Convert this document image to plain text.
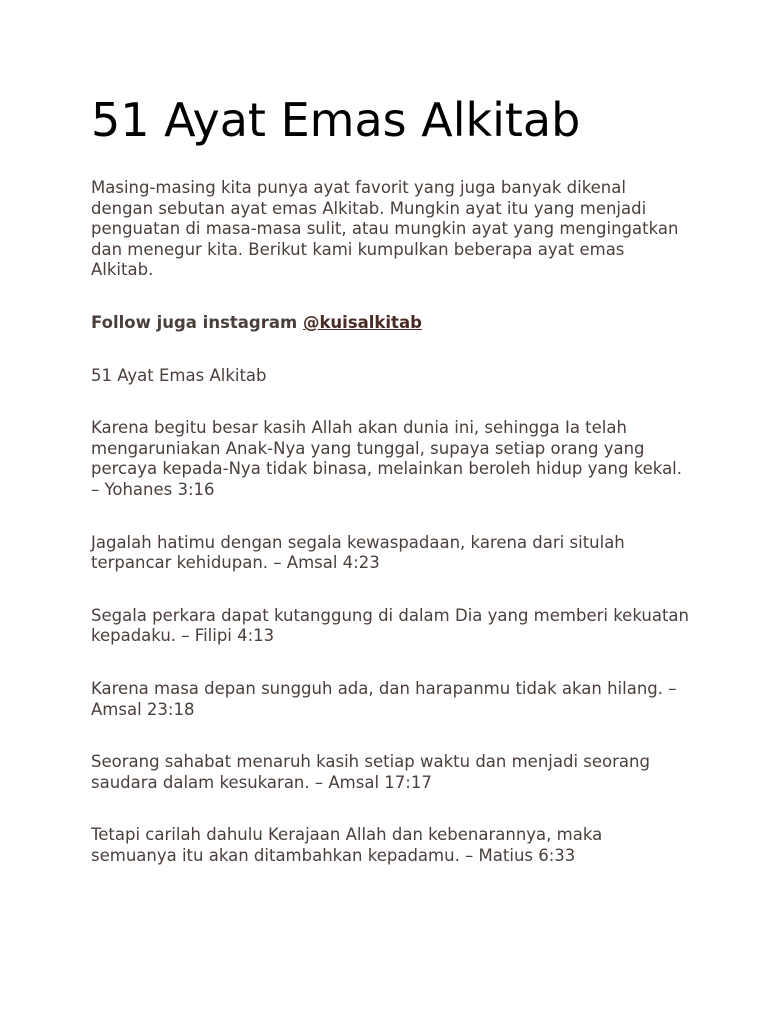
51 Ayat Emas Alkitab

Masing-masing kita punya ayat favorit yang juga banyak dikenal dengan sebutan ayat emas Alkitab. Mungkin ayat itu yang menjadi penguatan di masa-masa sulit, atau mungkin ayat yang mengingatkan dan menegur kita. Berikut kami kumpulkan beberapa ayat emas Alkitab.

Follow juga instagram @kuisalkitab

51 Ayat Emas Alkitab

Karena begitu besar kasih Allah akan dunia ini, sehingga Ia telah mengaruniakan Anak-Nya yang tunggal, supaya setiap orang yang percaya kepada-Nya tidak binasa, melainkan beroleh hidup yang kekal. – Yohanes 3:16

Jagalah hatimu dengan segala kewaspadaan, karena dari situlah terpancar kehidupan. – Amsal 4:23

Segala perkara dapat kutanggung di dalam Dia yang memberi kekuatan kepadaku. – Filipi 4:13

Karena masa depan sungguh ada, dan harapanmu tidak akan hilang. – Amsal 23:18

Seorang sahabat menaruh kasih setiap waktu dan menjadi seorang saudara dalam kesukaran. – Amsal 17:17

Tetapi carilah dahulu Kerajaan Allah dan kebenarannya, maka semuanya itu akan ditambahkan kepadamu. – Matius 6:33
